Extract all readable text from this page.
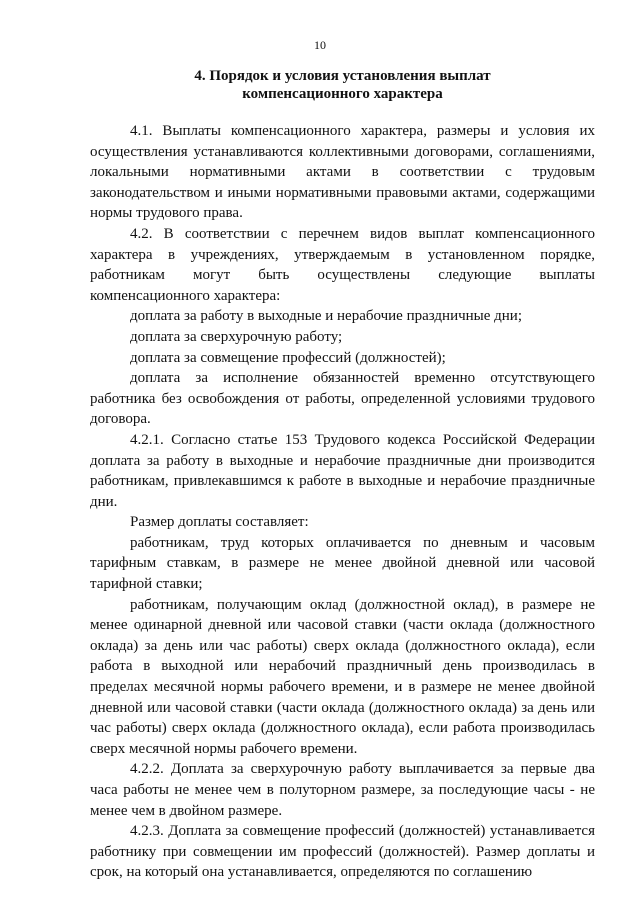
10
4. Порядок и условия установления выплат
компенсационного характера

4.1. Выплаты компенсационного характера, размеры и условия их осуществления устанавливаются коллективными договорами, соглашениями, локальными нормативными актами в соответствии с трудовым законодательством и иными нормативными правовыми актами, содержащими нормы трудового права.

4.2. В соответствии с перечнем видов выплат компенсационного характера в учреждениях, утверждаемым в установленном порядке, работникам могут быть осуществлены следующие выплаты компенсационного характера:

доплата за работу в выходные и нерабочие праздничные дни;

доплата за сверхурочную работу;

доплата за совмещение профессий (должностей);

доплата за исполнение обязанностей временно отсутствующего работника без освобождения от работы, определенной условиями трудового договора.

4.2.1. Согласно статье 153 Трудового кодекса Российской Федерации доплата за работу в выходные и нерабочие праздничные дни производится работникам, привлекавшимся к работе в выходные и нерабочие праздничные дни.

Размер доплаты составляет:

работникам, труд которых оплачивается по дневным и часовым тарифным ставкам, в размере не менее двойной дневной или часовой тарифной ставки;

работникам, получающим оклад (должностной оклад), в размере не менее одинарной дневной или часовой ставки (части оклада (должностного оклада) за день или час работы) сверх оклада (должностного оклада), если работа в выходной или нерабочий праздничный день производилась в пределах месячной нормы рабочего времени, и в размере не менее двойной дневной или часовой ставки (части оклада (должностного оклада) за день или час работы) сверх оклада (должностного оклада), если работа производилась сверх месячной нормы рабочего времени.

4.2.2. Доплата за сверхурочную работу выплачивается за первые два часа работы не менее чем в полуторном размере, за последующие часы - не менее чем в двойном размере.

4.2.3. Доплата за совмещение профессий (должностей) устанавливается работнику при совмещении им профессий (должностей). Размер доплаты и срок, на который она устанавливается, определяются по соглашению
